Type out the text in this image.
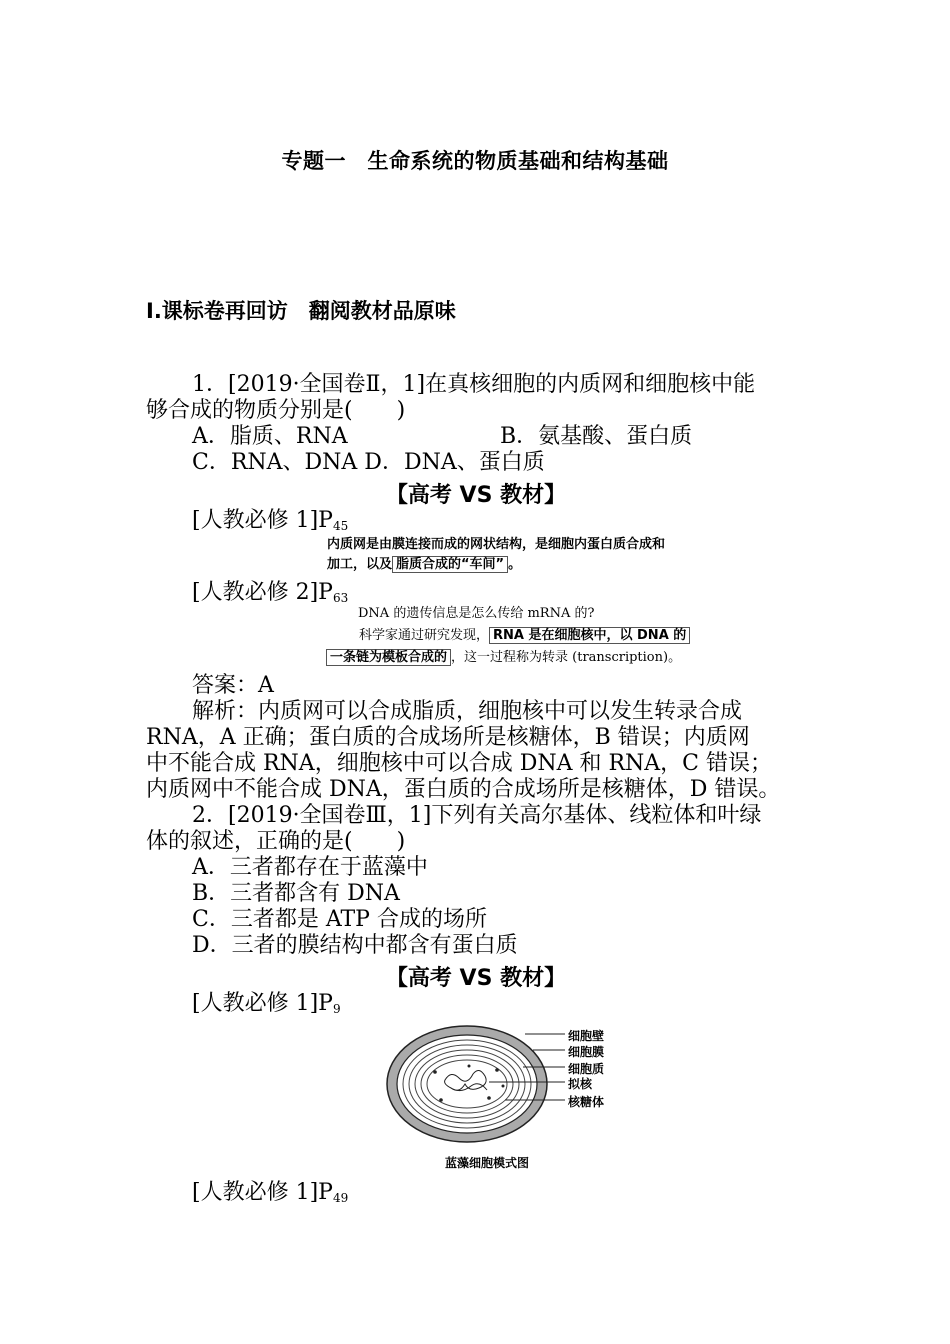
专题一　生命系统的物质基础和结构基础
Ⅰ.课标卷再回访　翻阅教材品原味
1．[2019·全国卷Ⅱ，1]在真核细胞的内质网和细胞核中能
够合成的物质分别是(　　)
A．脂质、RNA	B．氨基酸、蛋白质
C．RNA、DNA D．DNA、蛋白质
【高考 VS 教材】
[人教必修 $1]P_{45}$
内质网是由膜连接而成的网状结构，是细胞内蛋白质合成和
加工，以及 脂质合成的“车间” 。
[人教必修 $2]P_{63}$
DNA 的遗传信息是怎么传给 mRNA 的?
科学家通过研究发现， RNA 是在细胞核中，以 DNA 的
一条链为模板合成的 ，这一过程称为转录 (transcription)。
答案：A
解析：内质网可以合成脂质，细胞核中可以发生转录合成
RNA，A 正确；蛋白质的合成场所是核糖体，B 错误；内质网
中不能合成 RNA，细胞核中可以合成 DNA 和 RNA，C 错误；
内质网中不能合成 DNA，蛋白质的合成场所是核糖体，D 错误。
2．[2019·全国卷Ⅲ，1]下列有关高尔基体、线粒体和叶绿
体的叙述，正确的是(　　)
A．三者都存在于蓝藻中
B．三者都含有 DNA
C．三者都是 ATP 合成的场所
D．三者的膜结构中都含有蛋白质
【高考 VS 教材】
[人教必修 $1]P_9$
细胞壁
细胞膜
细胞质
拟核
核糖体
蓝藻细胞模式图
[人教必修 $1]P_{49}$
